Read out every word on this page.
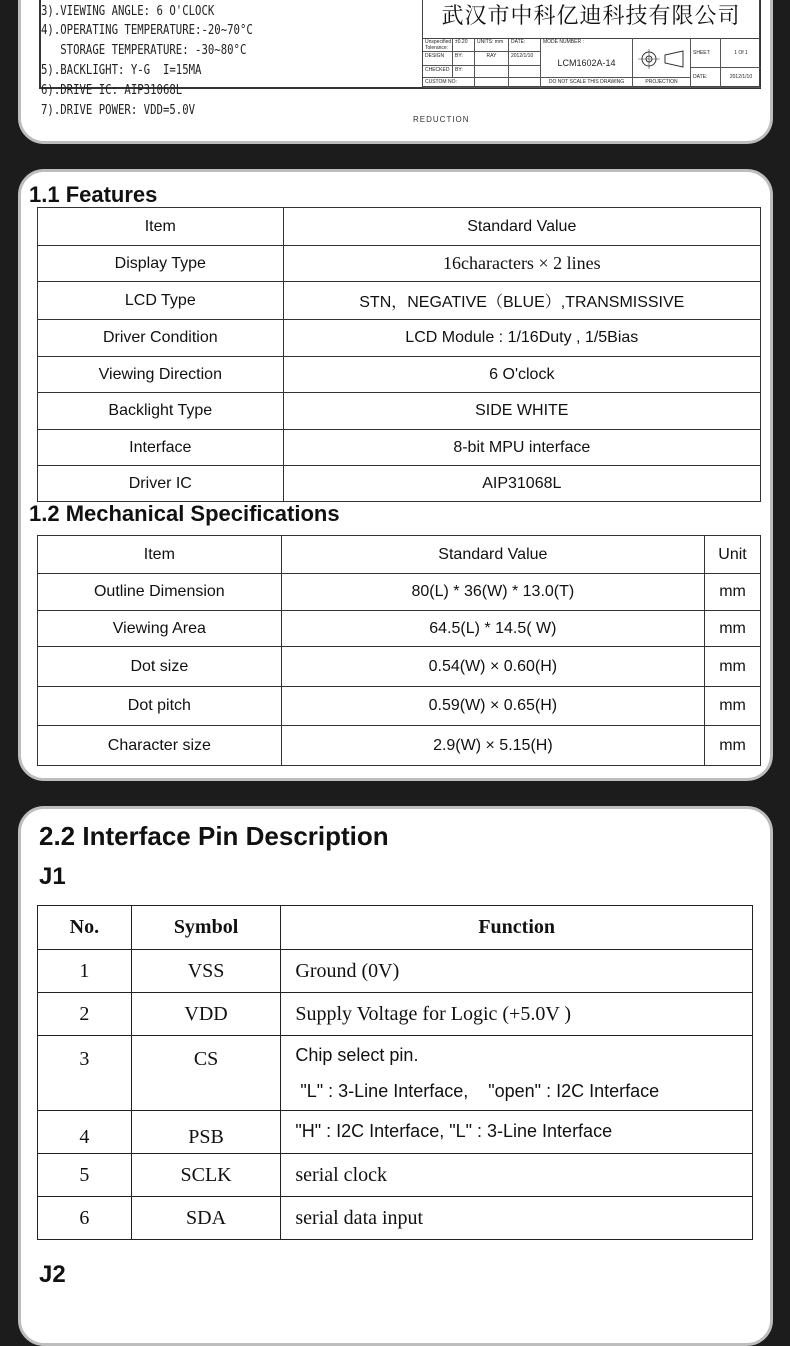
3).VIEWING ANGLE: 6 O'CLOCK
4).OPERATING TEMPERATURE:-20~70°C
STORAGE TEMPERATURE: -30~80°C
5).BACKLIGHT: Y-G  I=15MA
6).DRIVE IC: AIP31068L
7).DRIVE POWER: VDD=5.0V

武汉市中科亿迪科技有限公司
Unspecified Tolerance:
±0.20	UNITS: mm	DATE:	MODE NUMBER :
DESIGN	BY:	RAY	2012/1/10
LCM1602A-14
CHECKED	BY:
CUSTOM NO:	DO NOT SCALE THIS DRAWING	PROJECTION
SHEET:	1 Of 1
DATE:	2012/1/10
REDUCTION
1.1 Features
Item	Standard Value
Display Type	16characters × 2 lines
LCD Type	STN，NEGATIVE（BLUE）,TRANSMISSIVE
Driver Condition	LCD Module : 1/16Duty , 1/5Bias
Viewing Direction	6 O'clock
Backlight Type	SIDE WHITE
Interface	8-bit MPU interface
Driver IC	AIP31068L
1.2 Mechanical Specifications
Item	Standard Value	Unit
Outline Dimension	80(L) * 36(W) * 13.0(T)	mm
Viewing Area	64.5(L) * 14.5( W)	mm
Dot size	0.54(W) × 0.60(H)	mm
Dot pitch	0.59(W) × 0.65(H)	mm
Character size	2.9(W) × 5.15(H)	mm
2.2 Interface Pin Description
J1
No.	Symbol	Function
1	VSS	Ground (0V)
2	VDD	Supply Voltage for Logic (+5.0V )
3	CS	Chip select pin.
"L" : 3-Line Interface,    "open" : I2C Interface

4	PSB	"H" : I2C Interface, "L" : 3-Line Interface
5	SCLK	serial clock
6	SDA	serial data input
J2
